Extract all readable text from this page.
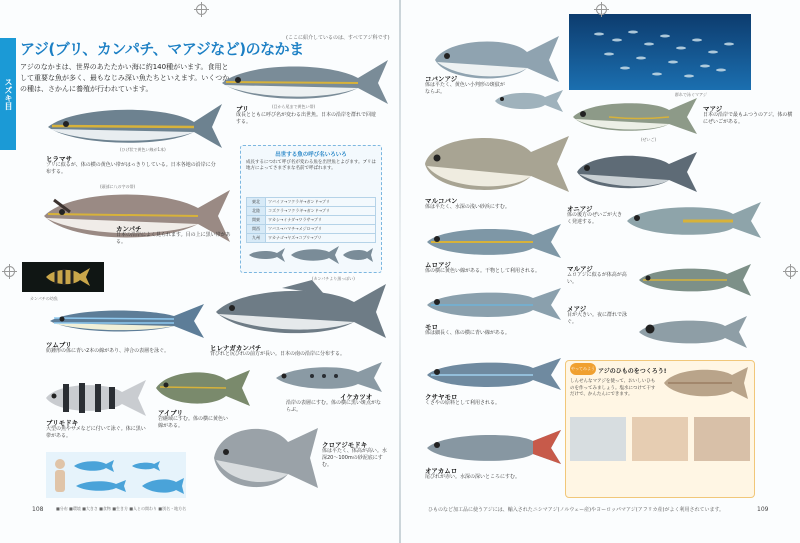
スズキ目
アジ(ブリ、カンパチ、マアジなど)のなかま
(ここに紹介しているのは、すべてアジ科です)
アジのなかまは、世界のあたたかい海に約140種がいます。食用として重要な魚が多く、最もなじみ深い魚たちといえます。いくつかの種は、さかんに養殖が行われています。
ヒラマサ
ブリに似るが、体の横の黄色い帯がはっきりしている。日本各地の沿岸に分布する。
(ひげ状で黄色い線が1本)
ブリ
成長とともに呼び名が変わる出世魚。日本の沿岸を群れで回遊する。
(目から尾まで黄色い帯)
カンパチ
日本の沿岸によく見られます。目の上に黒い帯がある。
(頭部に八の字の帯)
カンパチの幼魚
ヒレナガカンパチ
背びれと尻びれの前方が長い。日本の南の沿岸に分布する。
(カンパチより黒っぽい)
ツムブリ
紡錘形の体に青い2本の線があり、沖合の表層を泳ぐ。
ブリモドキ
大型の魚やサメなどに付いて泳ぐ。体に黒い帯がある。
アイブリ
岩礁域にすむ。体の横に黄色い線がある。
イケカツオ
沿岸の表層にすむ。体の横に黒い斑点がならぶ。
クロアジモドキ
体は平たく、体高が高い。水深20〜100mの砂泥底にすむ。
出世する魚の呼び名いろいろ
成長するにつれて呼び名が変わる魚を出世魚とよびます。ブリは地方によってさまざまな名前で呼ばれます。
東北	ツバイソ→フクラギ→ガンド→ブリ
北陸	コズクラ→フクラギ→ガンド→ブリ
関東	ワカシ→イナダ→ワラサ→ブリ
関西	ツバス→ハマチ→メジロ→ブリ
九州	ワカナゴ→ヤズ→コブリ→ブリ
108	■分布 ■環境 ■大きさ ■食物 ■生き方 ■人との関わり ■別名・地方名
群れで泳ぐマアジ
コバンアジ
体は平たく、黄色い小判形の斑紋がならぶ。
マアジ
日本の沿岸で最もふつうのアジ。体の横にぜいごがある。
(ぜいご)
マルコバン
体は平たく、水深の浅い砂浜にすむ。	オニアジ
体の後方のぜいごが大きく発達する。
ムロアジ
体の横に黄色い線がある。干物として利用される。	マルアジ
ムロアジに似るが体高が高い。
モロ
体は細長く、体の横に青い線がある。
メアジ
目が大きい。夜に群れで泳ぐ。
クサヤモロ
くさやの原料として利用される。
オアカムロ
尾びれが赤い。水深の深いところにすむ。
やってみよう アジのひものをつくろう!
しんせんなマアジを使って、おいしいひものを作ってみましょう。塩水につけて干すだけで、かんたんにできます。
109
ひものなど加工品に使うアジには、輸入されたニシマアジ(ノルウェー産)やヨーロッパマアジ(アフリカ産)がよく利用されています。
